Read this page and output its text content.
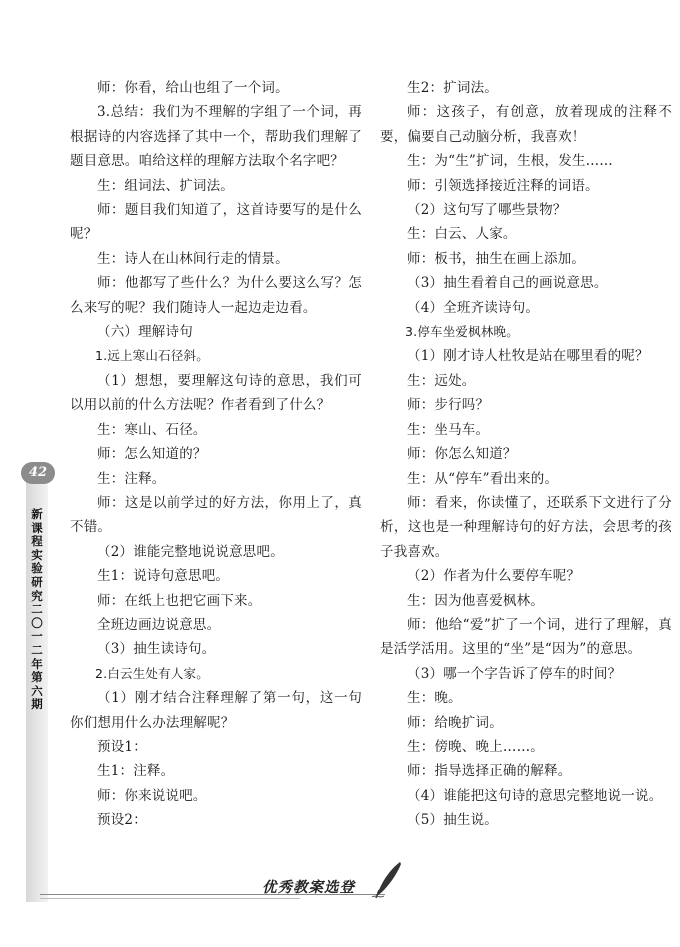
42
新课程实验研究 二〇一二年 第六期

师：你看，给山也组了一个词。

3.总结：我们为不理解的字组了一个词，再根据诗的内容选择了其中一个，帮助我们理解了题目意思。咱给这样的理解方法取个名字吧？

生：组词法、扩词法。

师：题目我们知道了，这首诗要写的是什么呢？

生：诗人在山林间行走的情景。

师：他都写了些什么？为什么要这么写？怎么来写的呢？我们随诗人一起边走边看。

（六）理解诗句

1.远上寒山石径斜。

（1）想想，要理解这句诗的意思，我们可以用以前的什么方法呢？作者看到了什么？

生：寒山、石径。

师：怎么知道的？

生：注释。

师：这是以前学过的好方法，你用上了，真不错。

（2）谁能完整地说说意思吧。

生1：说诗句意思吧。

师：在纸上也把它画下来。

全班边画边说意思。

（3）抽生读诗句。

2.白云生处有人家。

（1）刚才结合注释理解了第一句，这一句你们想用什么办法理解呢？

预设1：

生1：注释。

师：你来说说吧。

预设2：

生2：扩词法。

师：这孩子，有创意，放着现成的注释不要，偏要自己动脑分析，我喜欢！

生：为“生”扩词，生根，发生……

师：引领选择接近注释的词语。

（2）这句写了哪些景物？

生：白云、人家。

师：板书，抽生在画上添加。

（3）抽生看着自己的画说意思。

（4）全班齐读诗句。

3.停车坐爱枫林晚。

（1）刚才诗人杜牧是站在哪里看的呢？

生：远处。

师：步行吗？

生：坐马车。

师：你怎么知道？

生：从“停车”看出来的。

师：看来，你读懂了，还联系下文进行了分析，这也是一种理解诗句的好方法，会思考的孩子我喜欢。

（2）作者为什么要停车呢？

生：因为他喜爱枫林。

师：他给“爱”扩了一个词，进行了理解，真是活学活用。这里的“坐”是“因为”的意思。

（3）哪一个字告诉了停车的时间？

生：晚。

师：给晚扩词。

生：傍晚、晚上……。

师：指导选择正确的解释。

（4）谁能把这句诗的意思完整地说一说。

（5）抽生说。

优秀教案选登
